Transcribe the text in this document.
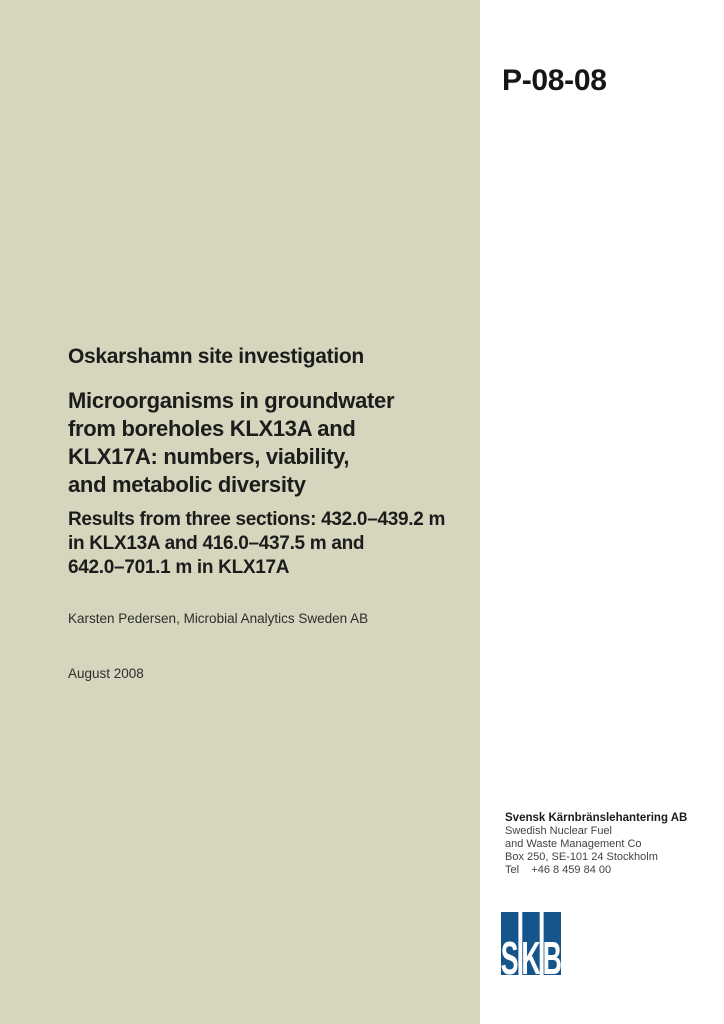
P-08-08
Oskarshamn site investigation
Microorganisms in groundwater
from boreholes KLX13A and
KLX17A: numbers, viability,
and metabolic diversity
Results from three sections: 432.0–439.2 m
in KLX13A and 416.0–437.5 m and
642.0–701.1 m in KLX17A
Karsten Pedersen, Microbial Analytics Sweden AB
August 2008
Svensk Kärnbränslehantering AB
Swedish Nuclear Fuel
and Waste Management Co
Box 250, SE-101 24 Stockholm
Tel    +46 8 459 84 00
S K B
